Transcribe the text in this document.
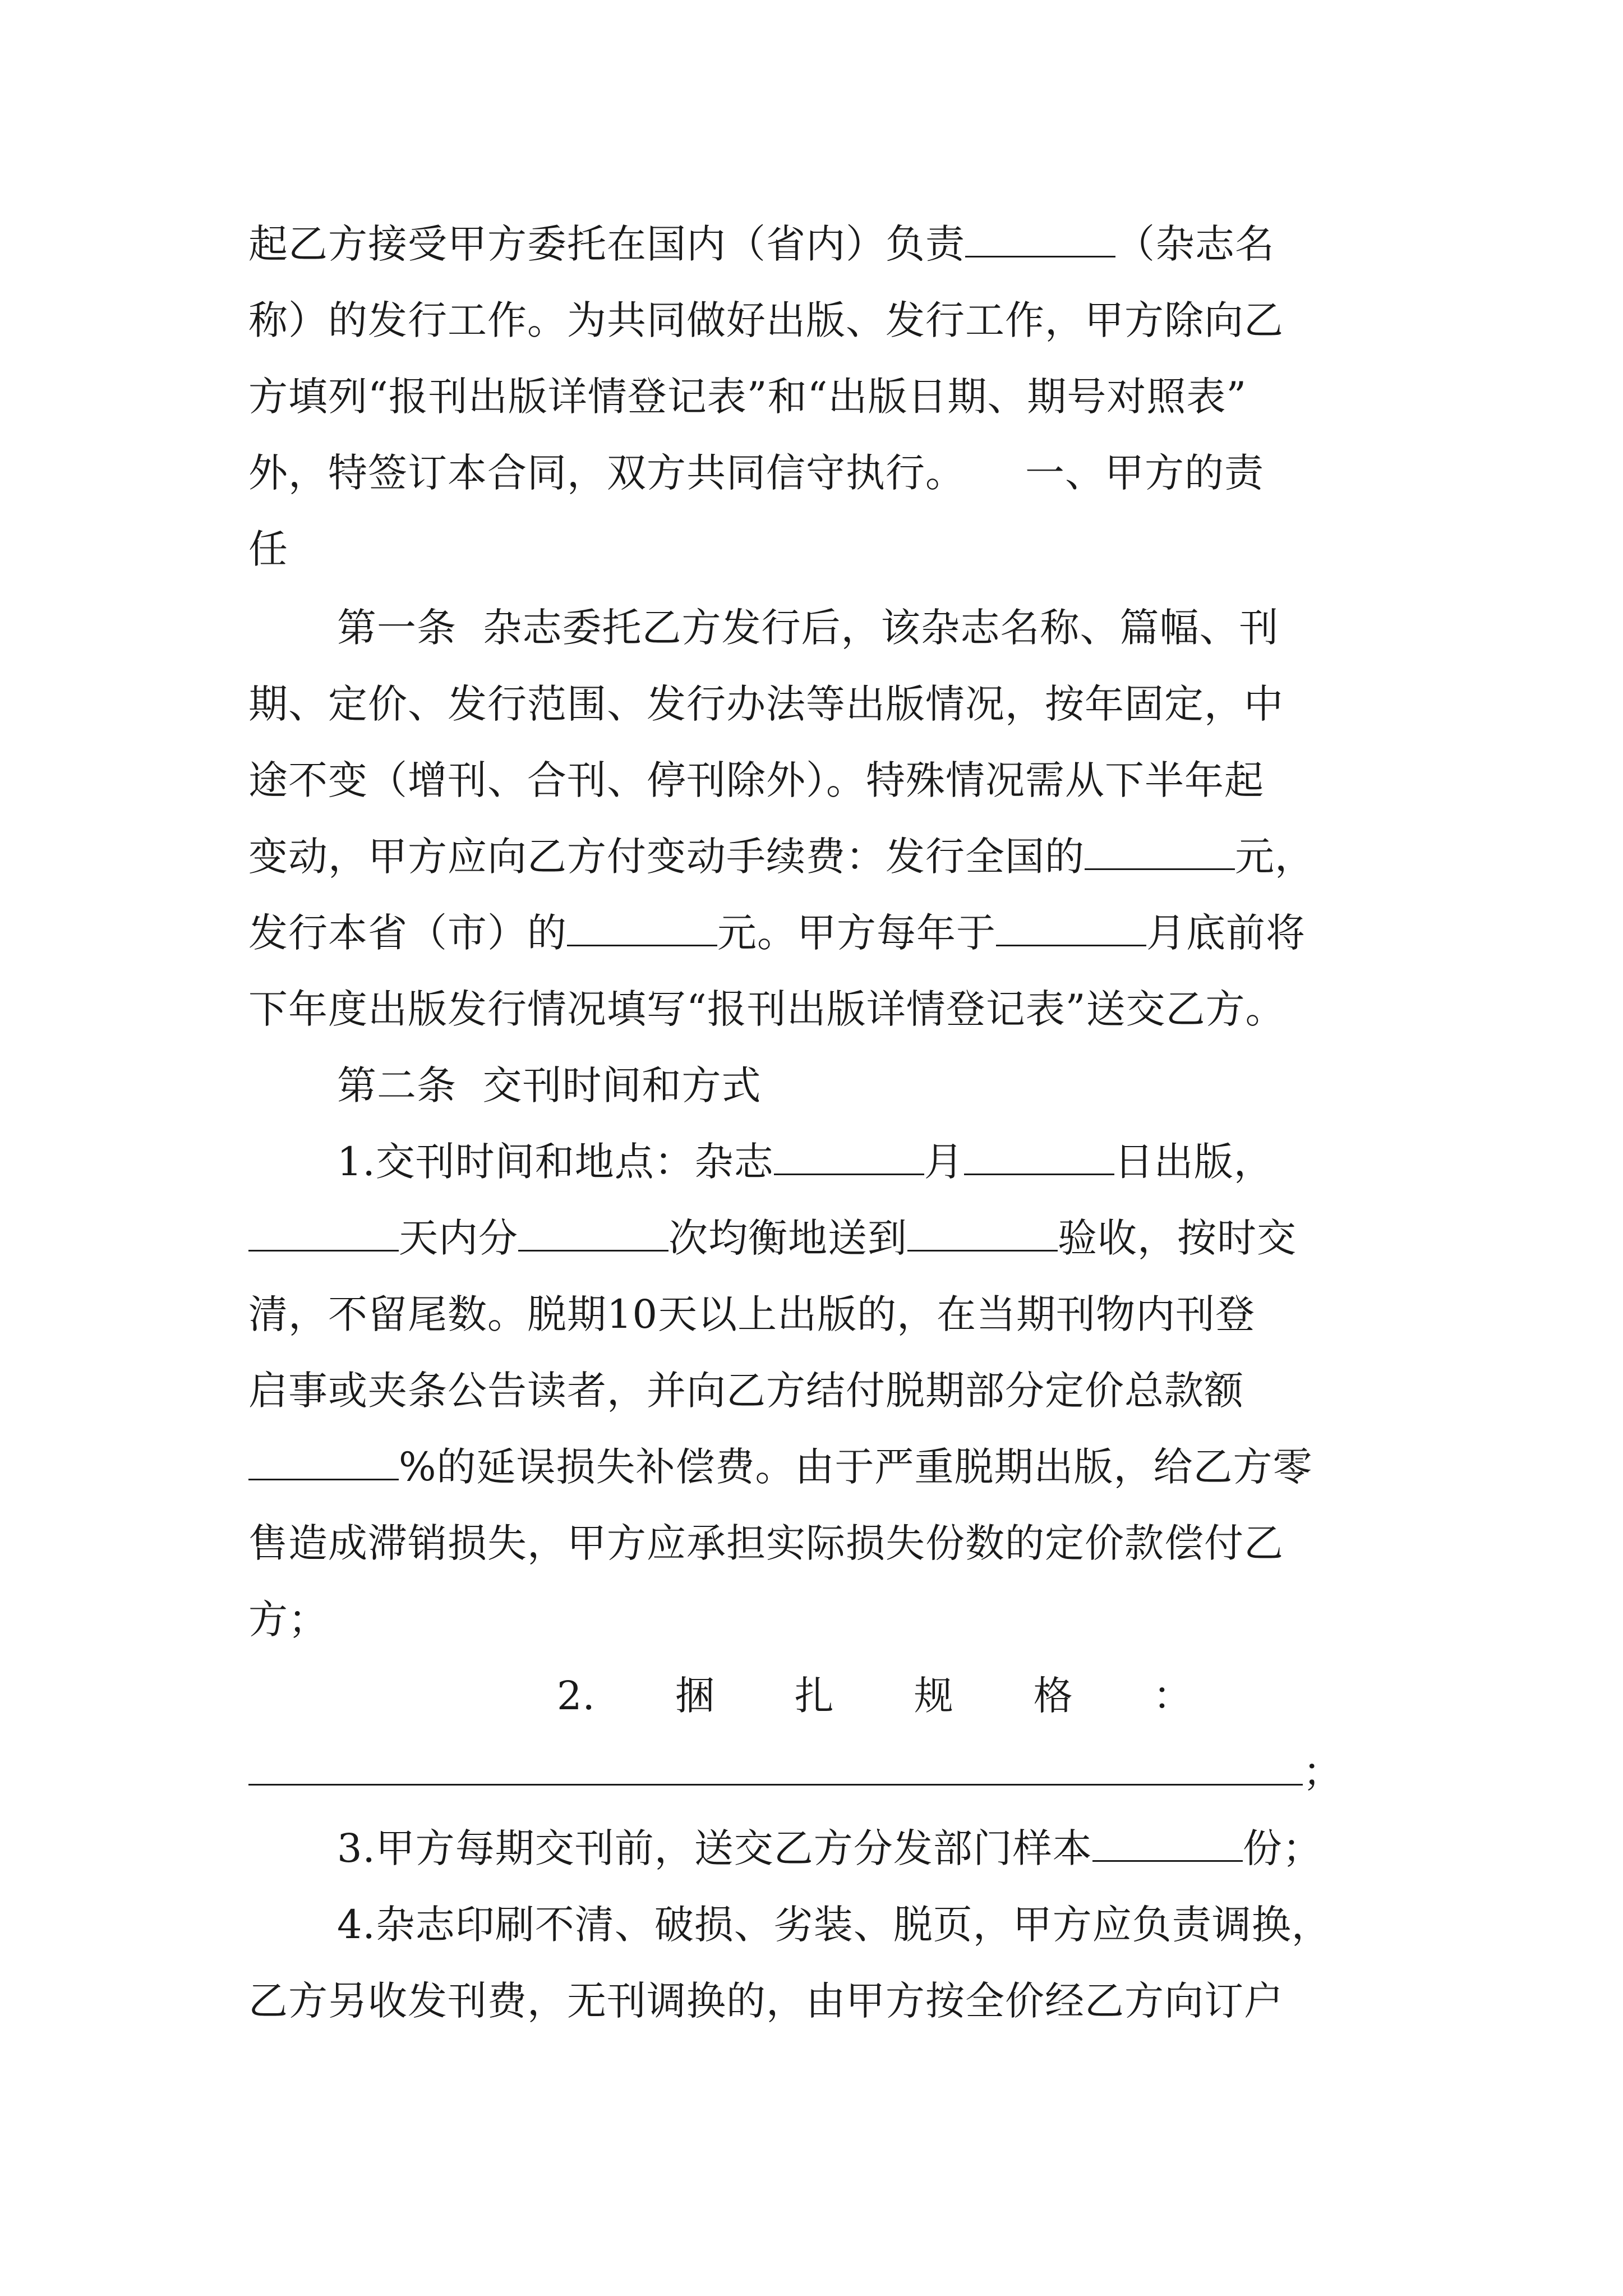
起乙方接受甲方委托在国内（省内）负责	（杂志名
称）的发行工作。为共同做好出版、发行工作，甲方除向乙
方填列“报刊出版详情登记表”和“出版日期、期号对照表”
外，特签订本合同，双方共同信守执行。　　一、甲方的责
任
第一条  杂志委托乙方发行后，该杂志名称、篇幅、刊
期、定价、发行范围、发行办法等出版情况，按年固定，中
途不变（增刊、合刊、停刊除外）。特殊情况需从下半年起
变动，甲方应向乙方付变动手续费：发行全国的	元，
发行本省（市）的	元。甲方每年于	月底前将
下年度出版发行情况填写“报刊出版详情登记表”送交乙方。
第二条  交刊时间和方式
1.交刊时间和地点：杂志	月	日出版，
天内分	次均衡地送到	验收，按时交
清，不留尾数。脱期10天以上出版的，在当期刊物内刊登
启事或夹条公告读者，并向乙方结付脱期部分定价总款额
%的延误损失补偿费。由于严重脱期出版，给乙方零
售造成滞销损失，甲方应承担实际损失份数的定价款偿付乙
方；
2.　　捆　　扎　　规　　格　　：
；
3.甲方每期交刊前，送交乙方分发部门样本	份；
4.杂志印刷不清、破损、劣装、脱页，甲方应负责调换，
乙方另收发刊费，无刊调换的，由甲方按全价经乙方向订户
